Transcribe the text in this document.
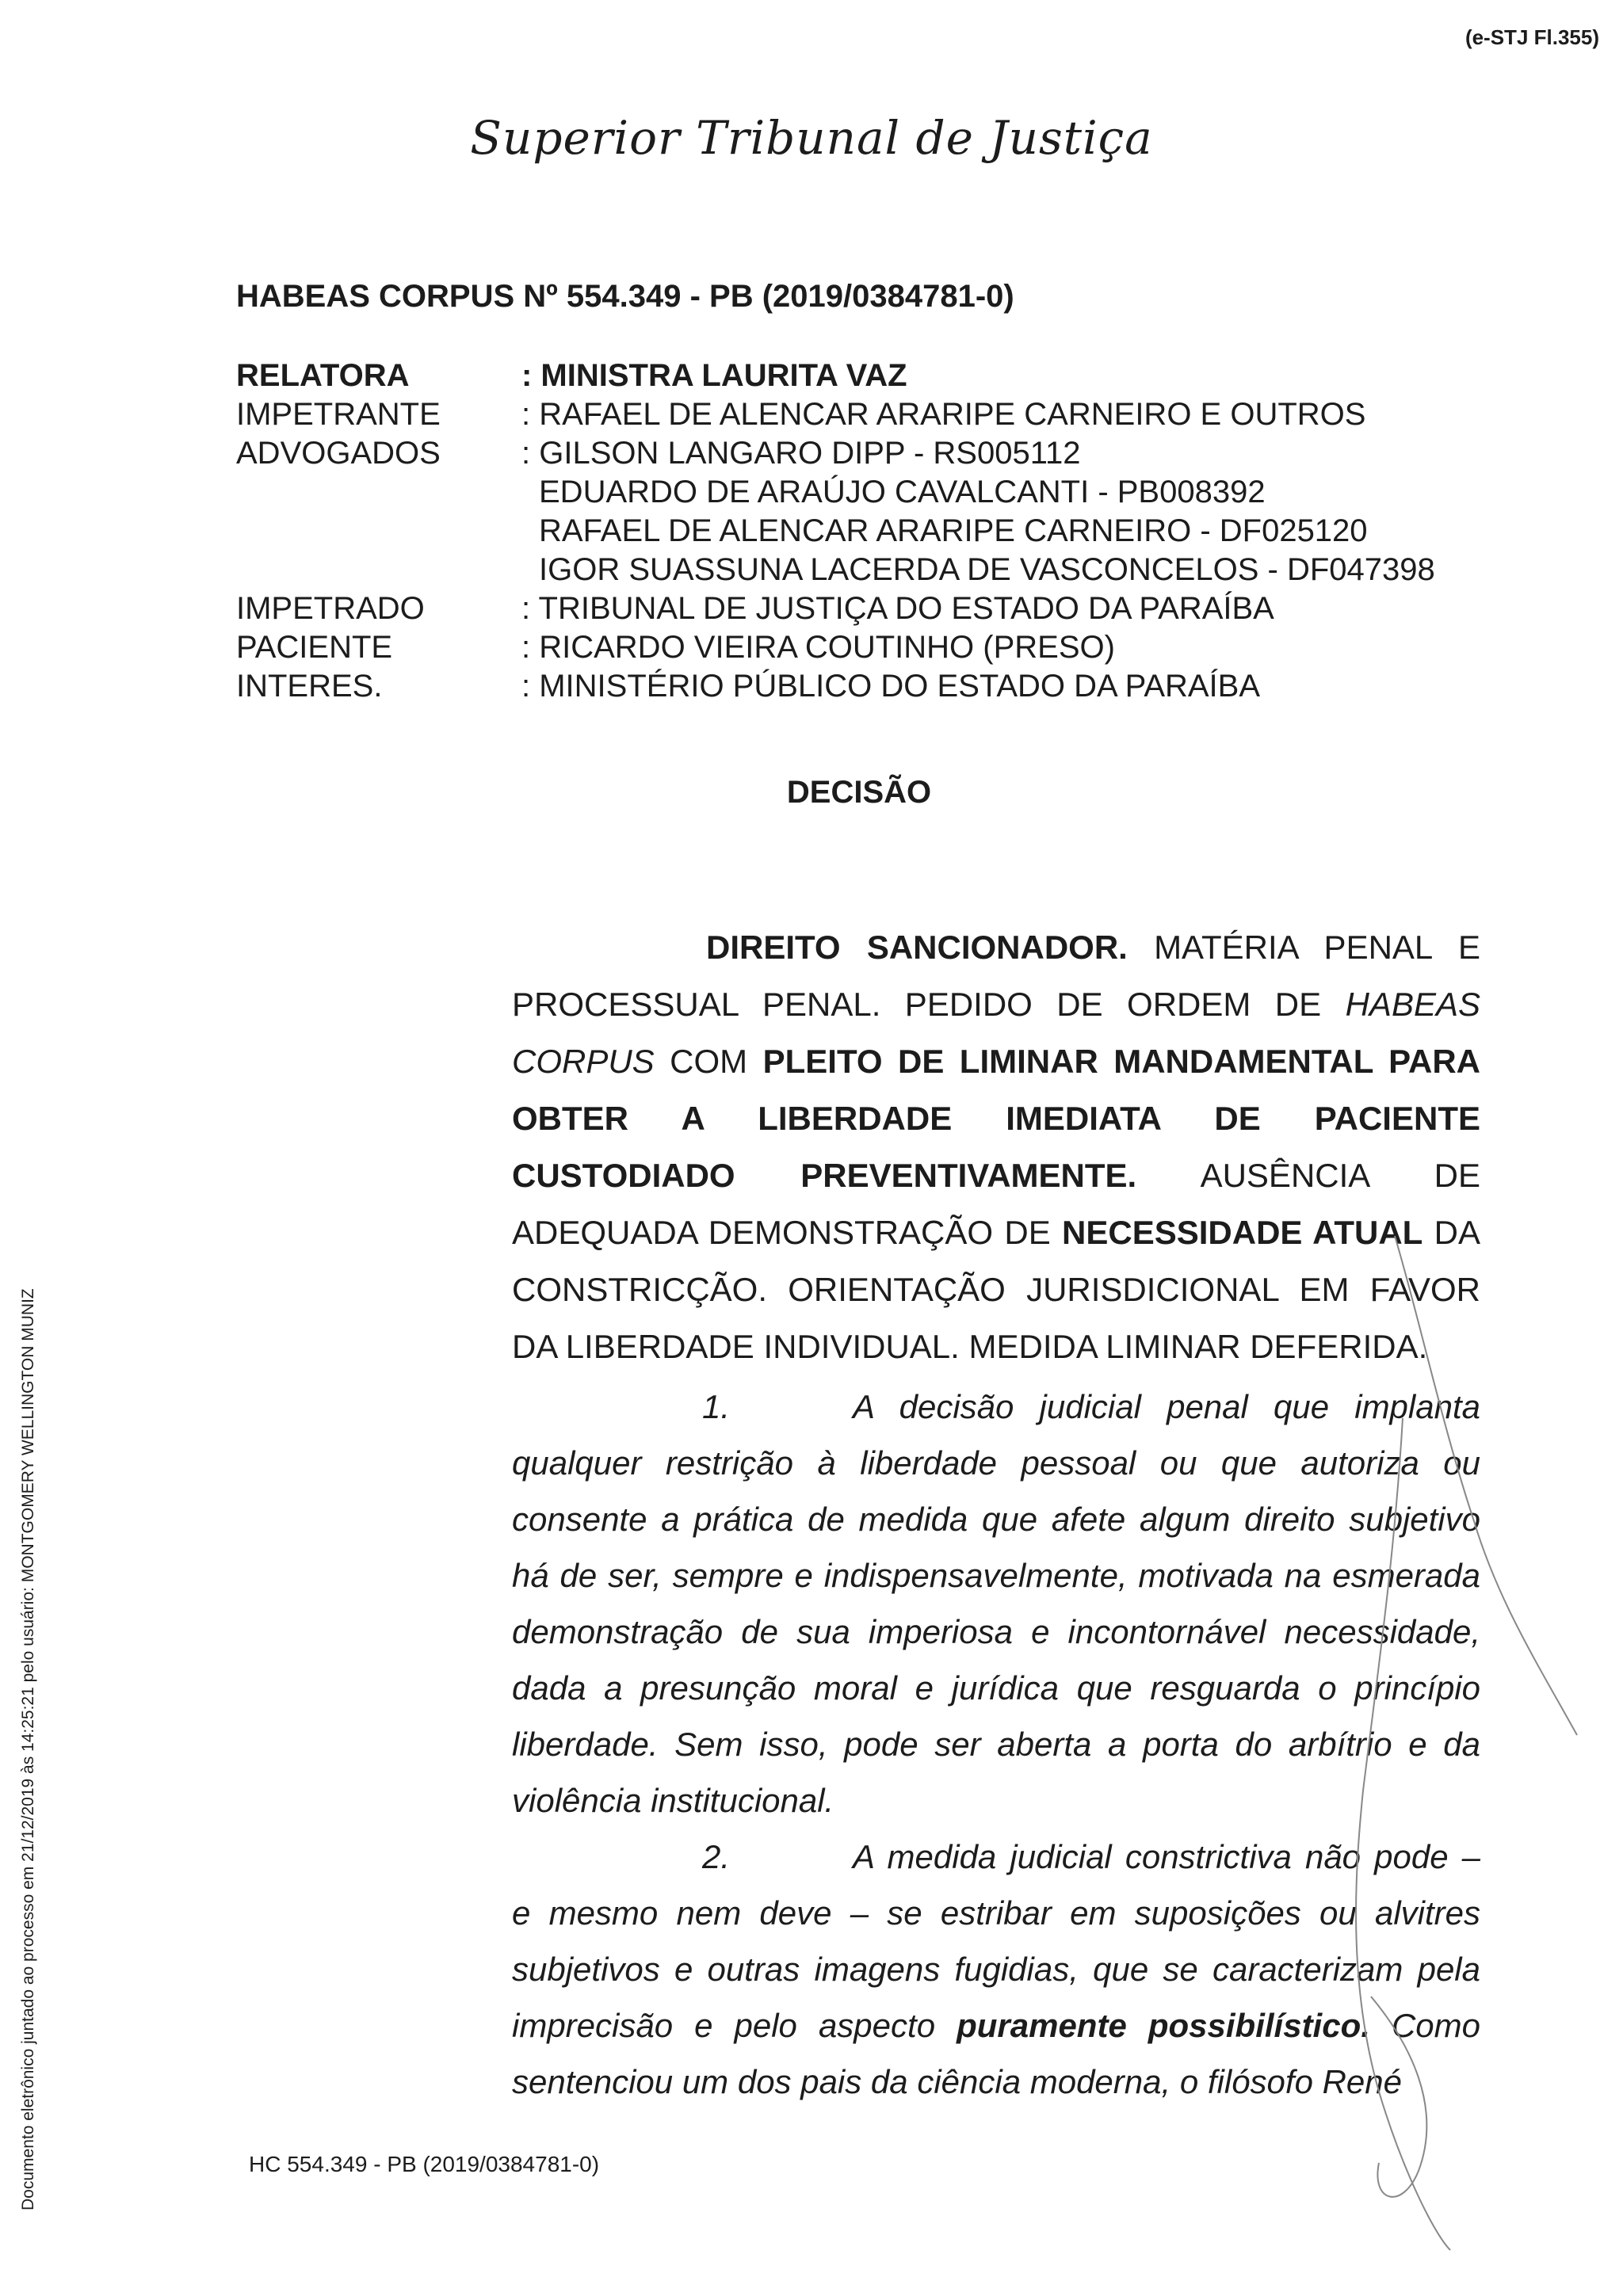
(e-STJ Fl.355)
Superior Tribunal de Justiça
HABEAS CORPUS Nº 554.349 - PB (2019/0384781-0)
RELATORA	: MINISTRA LAURITA VAZ
IMPETRANTE	: RAFAEL DE ALENCAR ARARIPE CARNEIRO E OUTROS
ADVOGADOS	: GILSON LANGARO DIPP - RS005112
EDUARDO DE ARAÚJO CAVALCANTI - PB008392
RAFAEL DE ALENCAR ARARIPE CARNEIRO - DF025120
IGOR SUASSUNA LACERDA DE VASCONCELOS - DF047398
IMPETRADO	: TRIBUNAL DE JUSTIÇA DO ESTADO DA PARAÍBA
PACIENTE	: RICARDO VIEIRA COUTINHO (PRESO)
INTERES.	: MINISTÉRIO PÚBLICO DO ESTADO DA PARAÍBA
DECISÃO

DIREITO SANCIONADOR. MATÉRIA PENAL E PROCESSUAL PENAL. PEDIDO DE ORDEM DE HABEAS CORPUS COM PLEITO DE LIMINAR MANDAMENTAL PARA OBTER A LIBERDADE IMEDIATA DE PACIENTE CUSTODIADO PREVENTIVAMENTE. AUSÊNCIA DE ADEQUADA DEMONSTRAÇÃO DE NECESSIDADE ATUAL DA CONSTRICÇÃO. ORIENTAÇÃO JURISDICIONAL EM FAVOR DA LIBERDADE INDIVIDUAL. MEDIDA LIMINAR DEFERIDA.

1.	A decisão judicial penal que implanta qualquer restrição à liberdade pessoal ou que autoriza ou consente a prática de medida que afete algum direito subjetivo há de ser, sempre e indispensavelmente, motivada na esmerada demonstração de sua imperiosa e incontornável necessidade, dada a presunção moral e jurídica que resguarda o princípio liberdade. Sem isso, pode ser aberta a porta do arbítrio e da violência institucional.

2.	A medida judicial constrictiva não pode – e mesmo nem deve – se estribar em suposições ou alvitres subjetivos e outras imagens fugidias, que se caracterizam pela imprecisão e pelo aspecto puramente possibilístico. Como sentenciou um dos pais da ciência moderna, o filósofo René

Documento eletrônico juntado ao processo em 21/12/2019 às 14:25:21 pelo usuário: MONTGOMERY WELLINGTON MUNIZ	HC 554.349 - PB (2019/0384781-0)
